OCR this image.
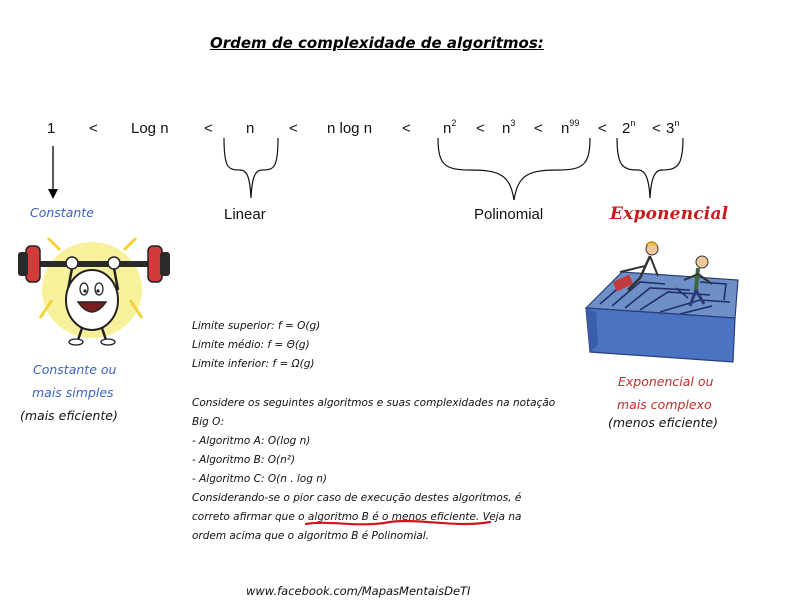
Ordem de complexidade de algoritmos:
1 < Log n < n < n $\log n < n^2 < n^3 < n^{99} < 2^n < 3^n$
Constante	Linear	Polinomial	Exponencial
Constante ou
mais simples
(mais eficiente)
Exponencial ou
mais complexo
(menos eficiente)
Limite superior: f = O(g)
Limite médio: f = Θ(g)
Limite inferior: f = Ω(g)
Considere os seguintes algoritmos e suas complexidades na notação
Big O:
- Algoritmo A: O(log n)
- Algoritmo B: O(n²)
- Algoritmo C: O(n . log n)
Considerando-se o pior caso de execução destes algoritmos, é
correto afirmar que o algoritmo B é o menos eficiente. Veja na
ordem acima que o algoritmo B é Polinomial.
www.facebook.com/MapasMentaisDeTI
